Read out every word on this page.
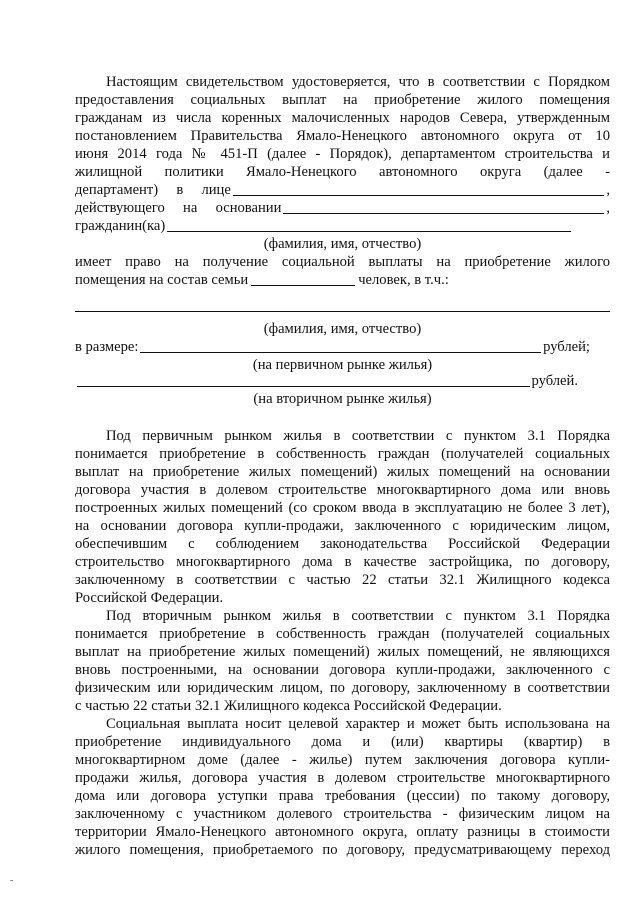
Настоящим свидетельством удостоверяется, что в соответствии с Порядком
предоставления социальных выплат на приобретение жилого помещения
гражданам из числа коренных малочисленных народов Севера, утвержденным
постановлением Правительства Ямало-Ненецкого автономного округа от 10
июня 2014 года № 451-П (далее - Порядок), департаментом строительства и
жилищной политики Ямало-Ненецкого автономного округа (далее -
департамент)     в     лице	,
действующего     на     основании	,
гражданин(ка)
(фамилия, имя, отчество)
имеет право на получение социальной выплаты на приобретение жилого
помещения на состав семьи	человек, в т.ч.:
(фамилия, имя, отчество)
в размере:	рублей;
(на первичном рынке жилья)
рублей.
(на вторичном рынке жилья)
Под первичным рынком жилья в соответствии с пунктом 3.1 Порядка
понимается приобретение в собственность граждан (получателей социальных
выплат на приобретение жилых помещений) жилых помещений на основании
договора участия в долевом строительстве многоквартирного дома или вновь
построенных жилых помещений (со сроком ввода в эксплуатацию не более 3 лет),
на основании договора купли-продажи, заключенного с юридическим лицом,
обеспечившим с соблюдением законодательства Российской Федерации
строительство многоквартирного дома в качестве застройщика, по договору,
заключенному в соответствии с частью 22 статьи 32.1 Жилищного кодекса
Российской Федерации.
Под вторичным рынком жилья в соответствии с пунктом 3.1 Порядка
понимается приобретение в собственность граждан (получателей социальных
выплат на приобретение жилых помещений) жилых помещений, не являющихся
вновь построенными, на основании договора купли-продажи, заключенного с
физическим или юридическим лицом, по договору, заключенному в соответствии
с частью 22 статьи 32.1 Жилищного кодекса Российской Федерации.
Социальная выплата носит целевой характер и может быть использована на
приобретение индивидуального дома и (или) квартиры (квартир) в
многоквартирном доме (далее - жилье) путем заключения договора купли-
продажи жилья, договора участия в долевом строительстве многоквартирного
дома или договора уступки права требования (цессии) по такому договору,
заключенному с участником долевого строительства - физическим лицом на
территории Ямало-Ненецкого автономного округа, оплату разницы в стоимости
жилого помещения, приобретаемого по договору, предусматривающему переход
-
